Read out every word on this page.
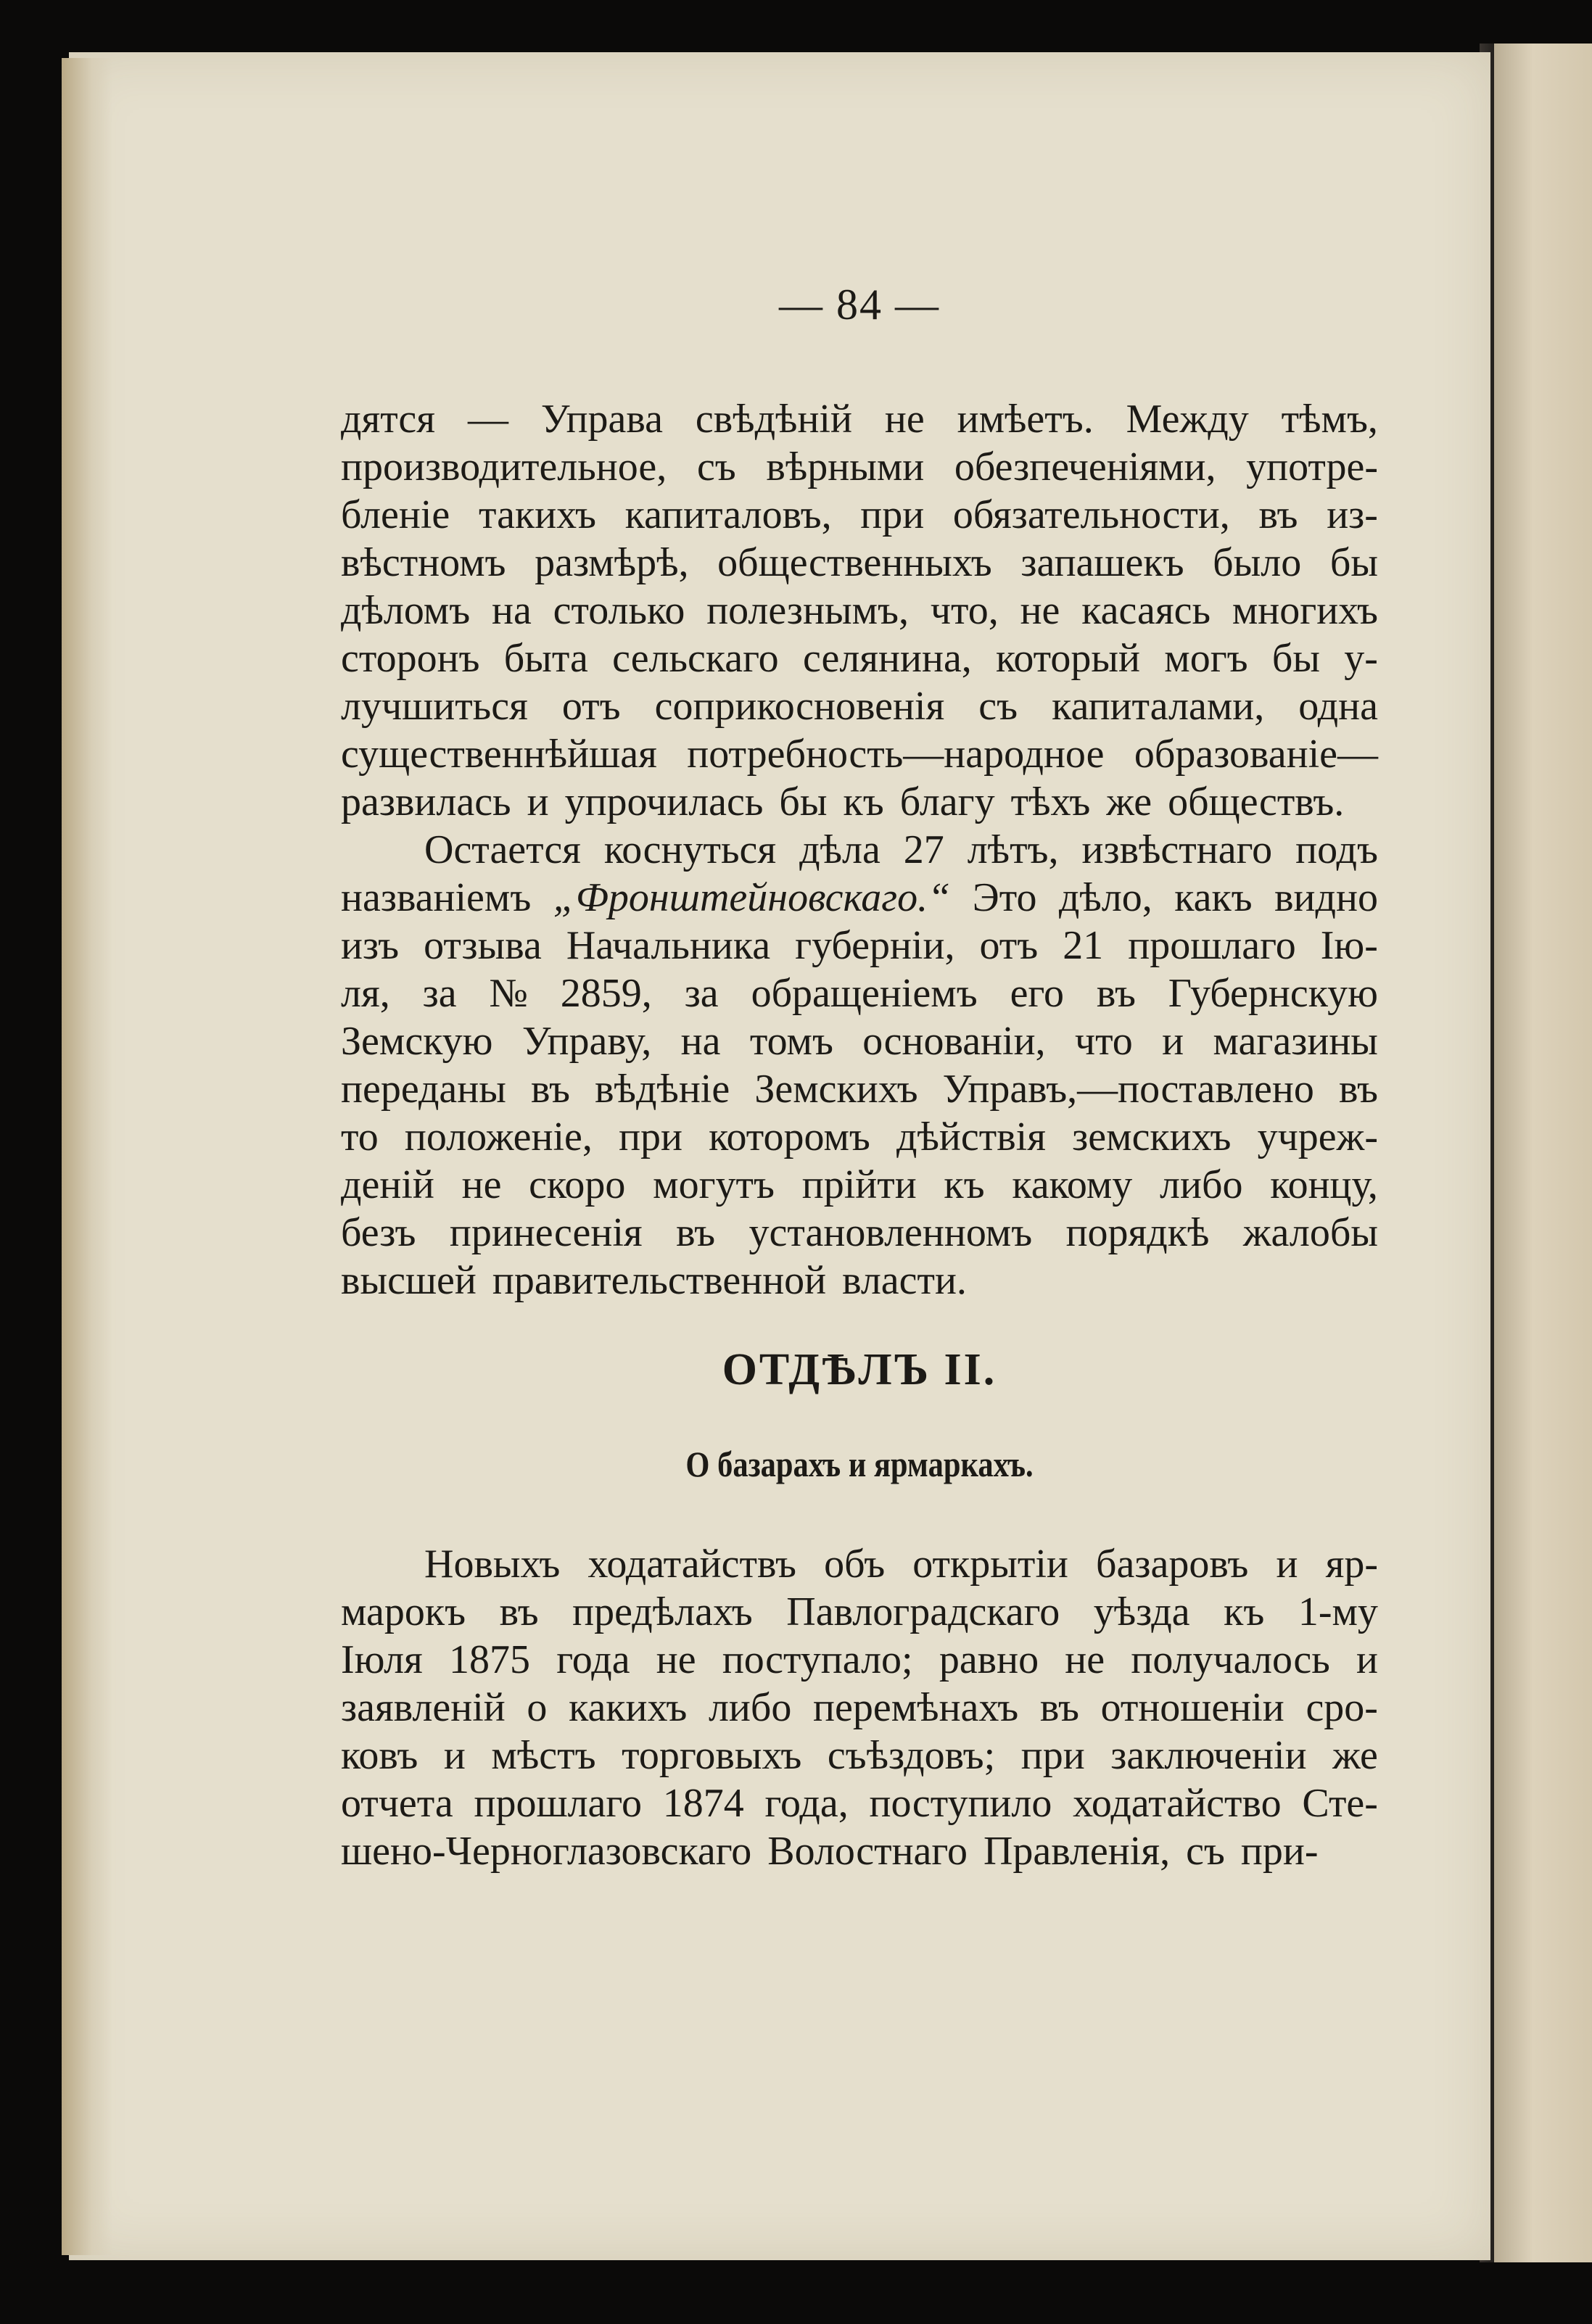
— 84 —
дятся — Управа свѣдѣній не имѣетъ. Между тѣмъ,
производительное, съ вѣрными обезпеченіями, употре-
бленіе такихъ капиталовъ, при обязательности, въ из-
вѣстномъ размѣрѣ, общественныхъ запашекъ было бы
дѣломъ на столько полезнымъ, что, не касаясь многихъ
сторонъ быта сельскаго селянина, который могъ бы у-
лучшиться отъ соприкосновенія съ капиталами, одна
существеннѣйшая потребность—народное образованіе—
развилась и упрочилась бы къ благу тѣхъ же обществъ.
Остается коснуться дѣла 27 лѣтъ, извѣстнаго подъ
названіемъ „Фронштейновскаго.“ Это дѣло, какъ видно
изъ отзыва Начальника губерніи, отъ 21 прошлаго Ію-
ля, за № 2859, за обращеніемъ его въ Губернскую
Земскую Управу, на томъ основаніи, что и магазины
переданы въ вѣдѣніе Земскихъ Управъ,—поставлено въ
то положеніе, при которомъ дѣйствія земскихъ учреж-
деній не скоро могутъ прійти къ какому либо концу,
безъ принесенія въ установленномъ порядкѣ жалобы
высшей правительственной власти.
ОТДѢЛЪ II.
О базарахъ и ярмаркахъ.
Новыхъ ходатайствъ объ открытіи базаровъ и яр-
марокъ въ предѣлахъ Павлоградскаго уѣзда къ 1-му
Іюля 1875 года не поступало; равно не получалось и
заявленій о какихъ либо перемѣнахъ въ отношеніи сро-
ковъ и мѣстъ торговыхъ съѣздовъ; при заключеніи же
отчета прошлаго 1874 года, поступило ходатайство Сте-
шено-Черноглазовскаго Волостнаго Правленія, съ при-
